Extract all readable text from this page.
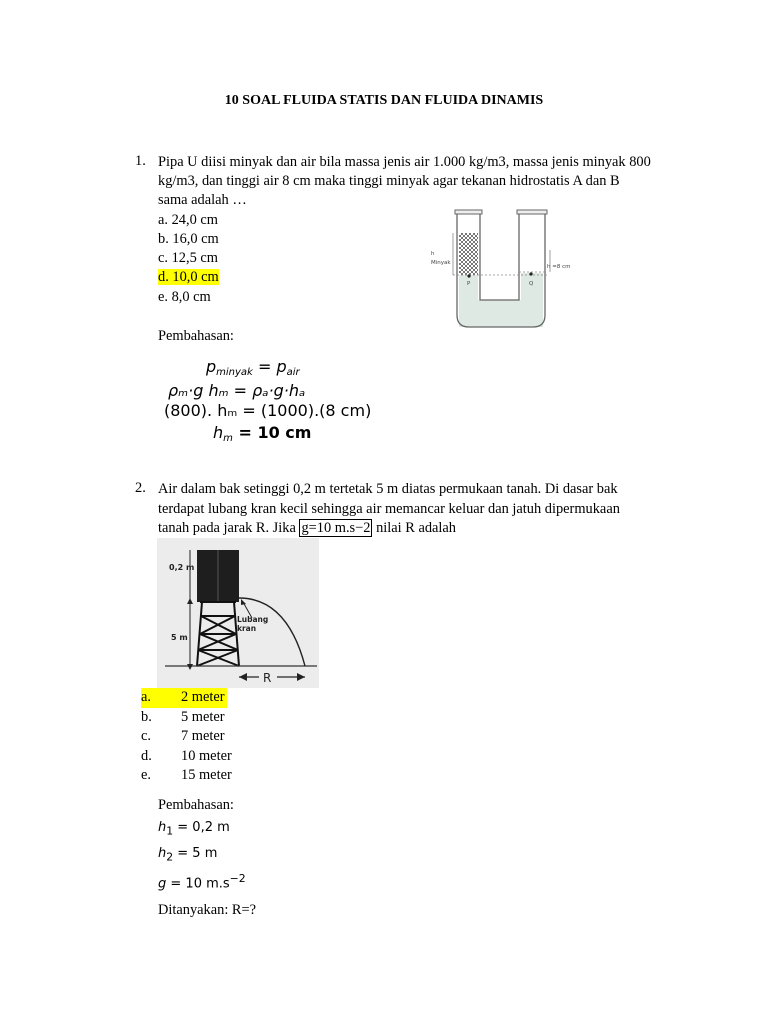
10 SOAL FLUIDA STATIS DAN FLUIDA DINAMIS
1. Pipa U diisi minyak dan air bila massa jenis air 1.000 kg/m3, massa jenis minyak 800
kg/m3, dan tinggi air 8 cm maka tinggi minyak agar tekanan hidrostatis A dan B
sama adalah …
a. 24,0 cm
b. 16,0 cm
c. 12,5 cm
d. 10,0 cm
e. 8,0 cm
h
Minyak
h =8 cm
P	Q
Pembahasan:
pminyak = pair
ρₘ·g hₘ = ρₐ·g·hₐ
(800). hₘ = (1000).(8 cm)
hm = 10 cm
2. Air dalam bak setinggi 0,2 m tertetak 5 m diatas permukaan tanah. Di dasar bak
terdapat lubang kran kecil sehingga air memancar keluar dan jatuh dipermukaan
tanah pada jarak R. Jika g=10 m.s−2 nilai R adalah
0,2 m
5 m
Lubang
kran
R
a. 2 meter
b. 5 meter
c. 7 meter
d. 10 meter
e. 15 meter
Pembahasan:
$h_1 = 0,2$ m
$h_2 = 5$ m
g = 10 $m.s^{-2}$
Ditanyakan: R=?
